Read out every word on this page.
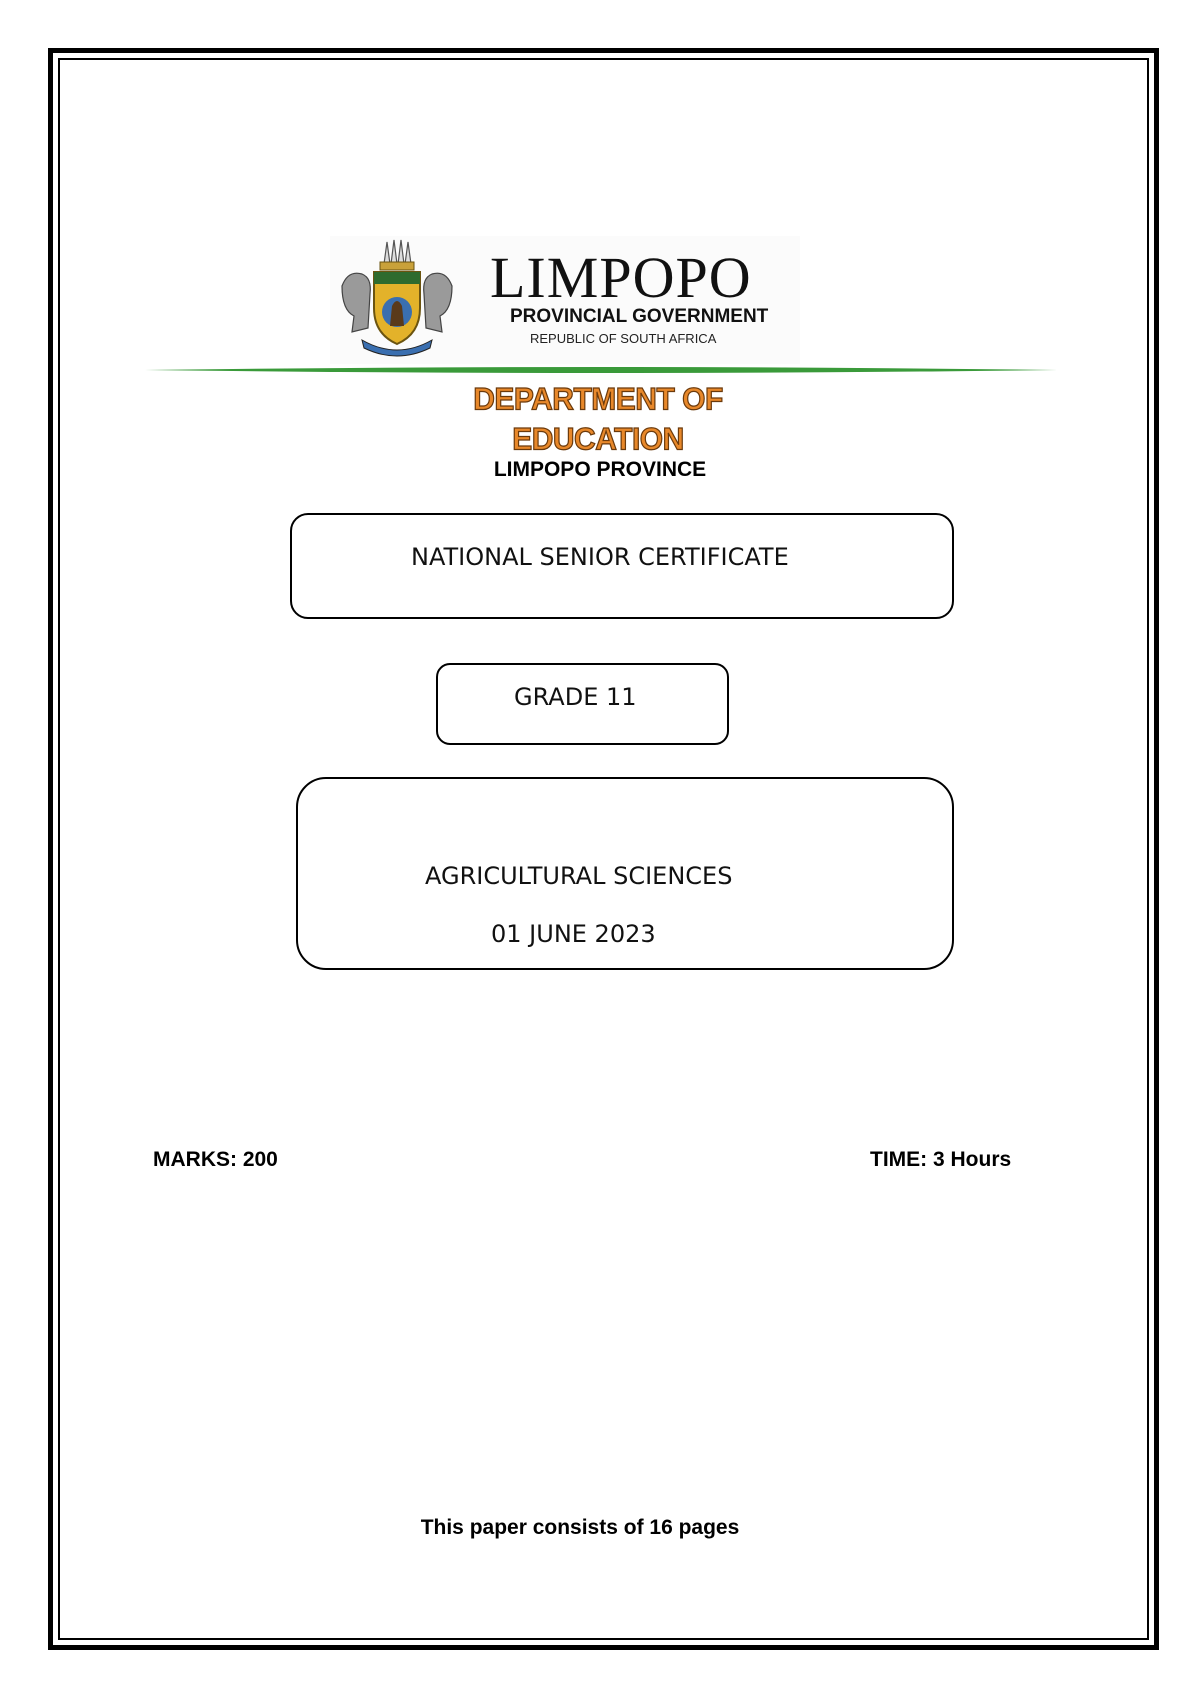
LIMPOPO
PROVINCIAL GOVERNMENT
REPUBLIC OF SOUTH AFRICA
DEPARTMENT OF EDUCATION
LIMPOPO PROVINCE
NATIONAL SENIOR CERTIFICATE
GRADE 11
AGRICULTURAL SCIENCES
01 JUNE 2023
MARKS: 200	TIME: 3 Hours
This paper consists of 16 pages
